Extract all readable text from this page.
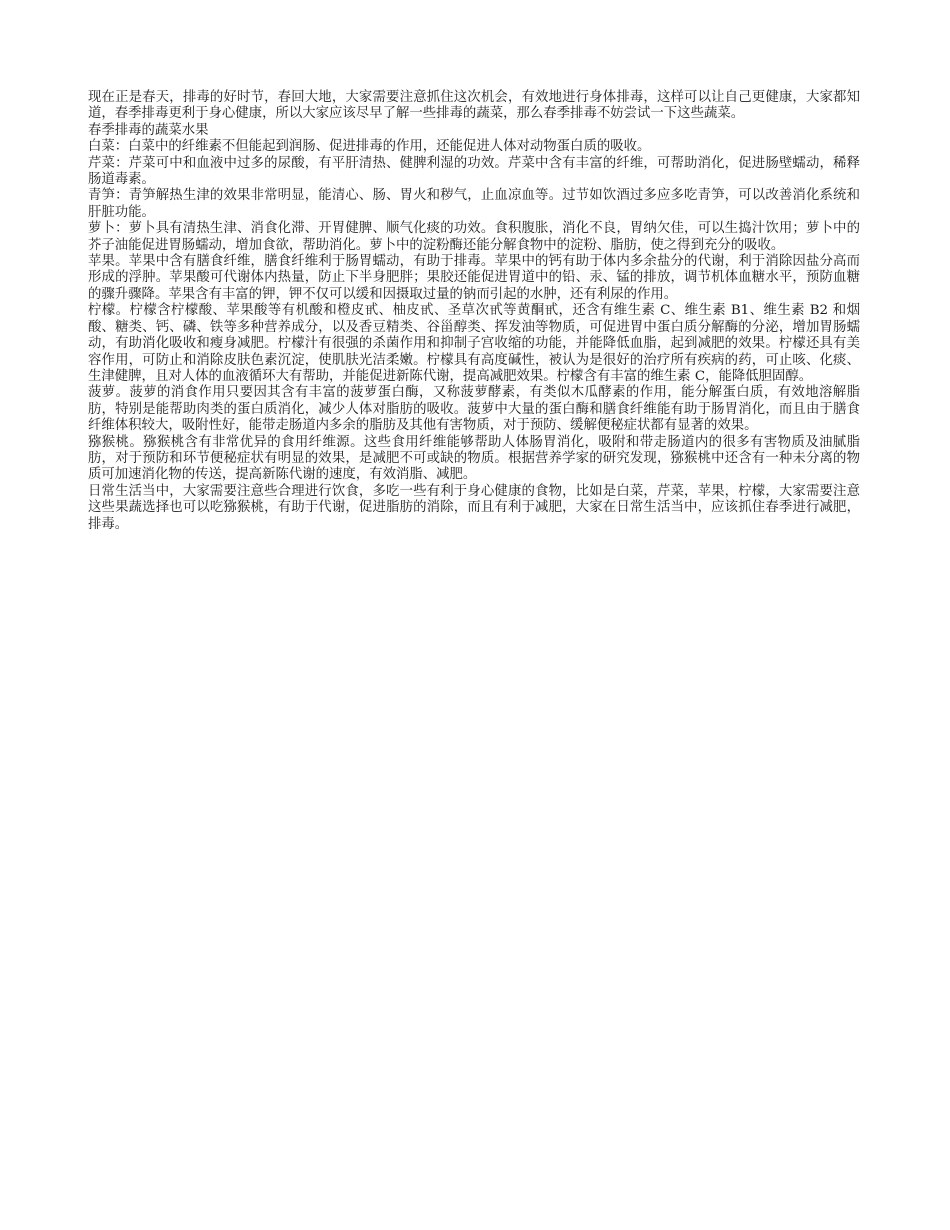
现在正是春天，排毒的好时节，春回大地，大家需要注意抓住这次机会，有效地进行身体排毒，这样可以让自己更健康，大家都知道，春季排毒更利于身心健康，所以大家应该尽早了解一些排毒的蔬菜，那么春季排毒不妨尝试一下这些蔬菜。

春季排毒的蔬菜水果

白菜：白菜中的纤维素不但能起到润肠、促进排毒的作用，还能促进人体对动物蛋白质的吸收。

芹菜：芹菜可中和血液中过多的尿酸，有平肝清热、健脾利湿的功效。芹菜中含有丰富的纤维，可帮助消化，促进肠壁蠕动，稀释肠道毒素。

青笋：青笋解热生津的效果非常明显，能清心、肠、胃火和秽气，止血凉血等。过节如饮酒过多应多吃青笋，可以改善消化系统和肝脏功能。

萝卜：萝卜具有清热生津、消食化滞、开胃健脾、顺气化痰的功效。食积腹胀，消化不良，胃纳欠佳，可以生捣汁饮用；萝卜中的芥子油能促进胃肠蠕动，增加食欲，帮助消化。萝卜中的淀粉酶还能分解食物中的淀粉、脂肪，使之得到充分的吸收。

苹果。苹果中含有膳食纤维，膳食纤维利于肠胃蠕动，有助于排毒。苹果中的钙有助于体内多余盐分的代谢，利于消除因盐分高而形成的浮肿。苹果酸可代谢体内热量，防止下半身肥胖；果胶还能促进胃道中的铅、汞、锰的排放，调节机体血糖水平，预防血糖的骤升骤降。苹果含有丰富的钾，钾不仅可以缓和因摄取过量的钠而引起的水肿，还有利尿的作用。

柠檬。柠檬含柠檬酸、苹果酸等有机酸和橙皮甙、柚皮甙、圣草次甙等黄酮甙，还含有维生素 C、维生素 B1、维生素 B2 和烟酸、糖类、钙、磷、铁等多种营养成分，以及香豆精类、谷甾醇类、挥发油等物质，可促进胃中蛋白质分解酶的分泌，增加胃肠蠕动，有助消化吸收和瘦身减肥。柠檬汁有很强的杀菌作用和抑制子宫收缩的功能，并能降低血脂，起到减肥的效果。柠檬还具有美容作用，可防止和消除皮肤色素沉淀，使肌肤光洁柔嫩。柠檬具有高度碱性，被认为是很好的治疗所有疾病的药，可止咳、化痰、生津健脾，且对人体的血液循环大有帮助，并能促进新陈代谢，提高减肥效果。柠檬含有丰富的维生素 C，能降低胆固醇。

菠萝。菠萝的消食作用只要因其含有丰富的菠萝蛋白酶，又称菠萝酵素，有类似木瓜酵素的作用，能分解蛋白质，有效地溶解脂肪，特别是能帮助肉类的蛋白质消化，减少人体对脂肪的吸收。菠萝中大量的蛋白酶和膳食纤维能有助于肠胃消化，而且由于膳食纤维体积较大，吸附性好，能带走肠道内多余的脂肪及其他有害物质，对于预防、缓解便秘症状都有显著的效果。

猕猴桃。猕猴桃含有非常优异的食用纤维源。这些食用纤维能够帮助人体肠胃消化，吸附和带走肠道内的很多有害物质及油腻脂肪，对于预防和环节便秘症状有明显的效果，是减肥不可或缺的物质。根据营养学家的研究发现，猕猴桃中还含有一种未分离的物质可加速消化物的传送，提高新陈代谢的速度，有效消脂、减肥。

日常生活当中，大家需要注意些合理进行饮食，多吃一些有利于身心健康的食物，比如是白菜，芹菜，苹果，柠檬，大家需要注意这些果蔬选择也可以吃猕猴桃，有助于代谢，促进脂肪的消除，而且有利于减肥，大家在日常生活当中，应该抓住春季进行减肥，排毒。
